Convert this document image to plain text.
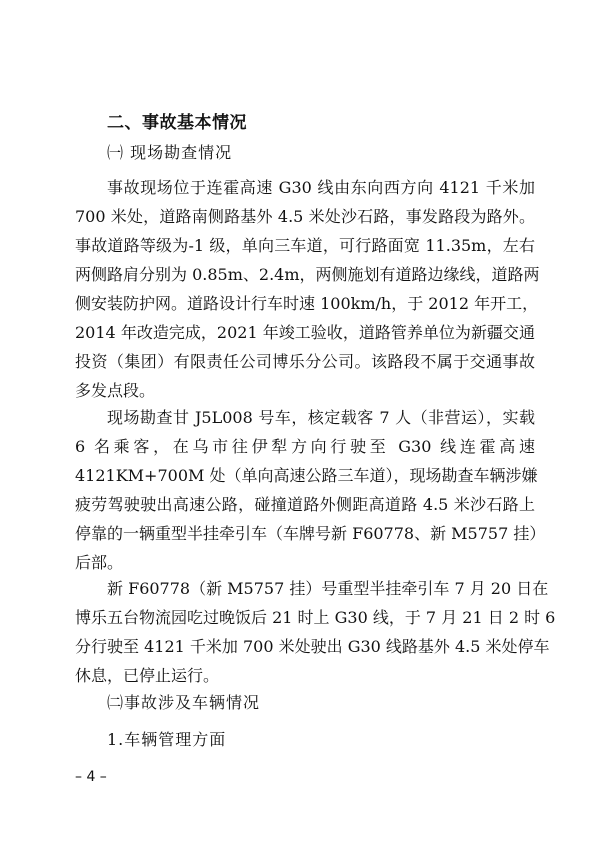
二、事故基本情况
㈠ 现场勘查情况
事故现场位于连霍高速 G30 线由东向西方向 4121 千米加
700 米处，道路南侧路基外 4.5 米处沙石路，事发路段为路外。
事故道路等级为-1 级，单向三车道，可行路面宽 11.35m，左右
两侧路肩分别为 0.85m、2.4m，两侧施划有道路边缘线，道路两
侧安装防护网。道路设计行车时速 100km/h，于 2012 年开工，
2014 年改造完成，2021 年竣工验收，道路管养单位为新疆交通
投资（集团）有限责任公司博乐分公司。该路段不属于交通事故
多发点段。
现场勘查甘 J5L008 号车，核定载客 7 人（非营运），实载
6 名乘客，在乌市往伊犁方向行驶至 G30 线连霍高速
4121KM+700M 处（单向高速公路三车道），现场勘查车辆涉嫌
疲劳驾驶驶出高速公路，碰撞道路外侧距高道路 4.5 米沙石路上
停靠的一辆重型半挂牵引车（车牌号新 F60778、新 M5757 挂）
后部。
新 F60778（新 M5757 挂）号重型半挂牵引车 7 月 20 日在
博乐五台物流园吃过晚饭后 21 时上 G30 线，于 7 月 21 日 2 时 6
分行驶至 4121 千米加 700 米处驶出 G30 线路基外 4.5 米处停车
休息，已停止运行。
㈡事故涉及车辆情况
1.车辆管理方面
– 4 –
